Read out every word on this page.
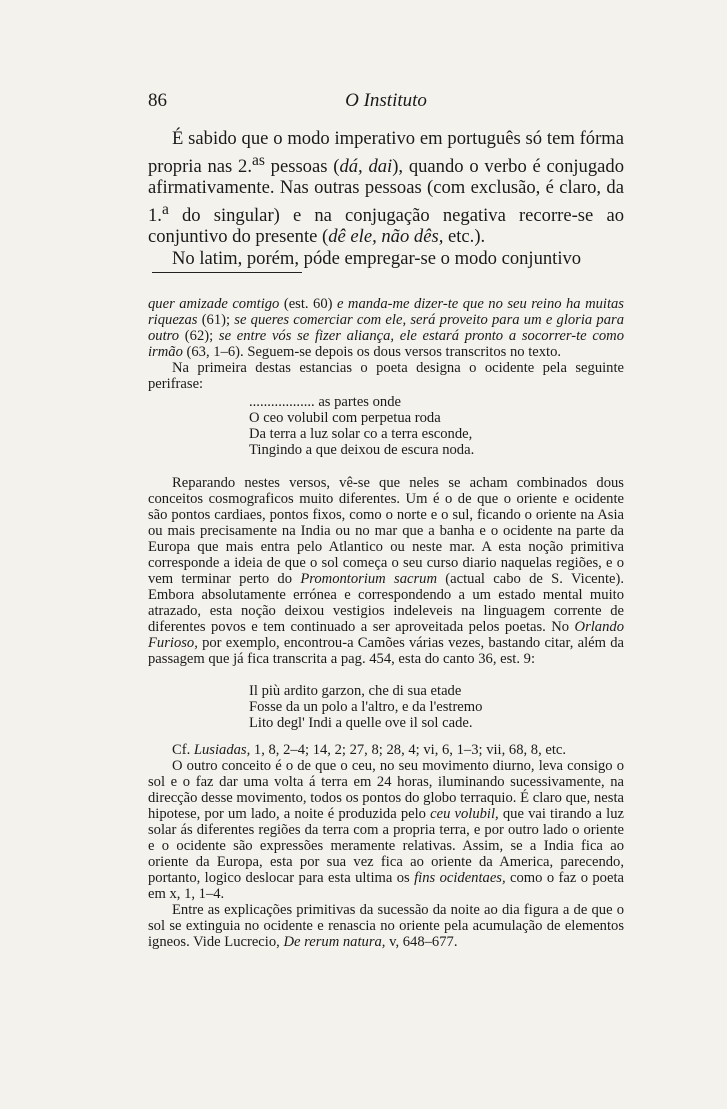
86	O Instituto

É sabido que o modo imperativo em portuguê​s só tem fórma propria nas 2.$^{as}$ pessoas (dá, dai), quando o verbo é conjugado afirmativamente. Nas outras pessoas (com exclusão, é claro, da 1.$^a$ do singular) e na conjugação negativa recorre-se ao conjuntivo do presente (dê ele, não dês, etc.).

No latim, porém, póde empregar-se o modo conjuntivo

quer amizade comtigo (est. 60) e manda-me dizer-te que no seu reino ha muitas riquezas (61); se queres comerciar com ele, será proveito para um e gloria para outro (62); se entre vós se fizer aliança, ele estará pronto a socorrer-te como irmão (63, 1–6). Seguem-se depois os dous versos transcritos no texto.

Na primeira destas estancias o poeta designa o ocidente pela seguinte perifrase:

.................. as partes onde
O ceo volubil com perpetua roda
Da terra a luz solar co a terra esconde,
Tingindo a que deixou de escura noda.

Reparando nestes versos, vê-se que neles se acham combinados dous conceitos cosmograficos muito diferentes. Um é o de que o oriente e ocidente são pontos cardiaes, pontos fixos, como o norte e o sul, ficando o oriente na Asia ou mais precisamente na India ou no mar que a banha e o ocidente na parte da Europa que mais entra pelo Atlantico ou neste mar. A esta noção primitiva corresponde a ideia de que o sol começa o seu curso diario naquelas regiões, e o vem terminar perto do Promontorium sacrum (actual cabo de S. Vicente). Embora absolutamente errónea e correspondendo a um estado mental muito atrazado, esta noção deixou vestigios indeleveis na linguagem corrente de diferentes povos e tem continuado a ser aproveitada pelos poetas. No Orlando Furioso, por exemplo, encontrou-a Camões várias vezes, bastando citar, além da passagem que já fica transcrita a pag. 454, esta do canto 36, est. 9:

Il più ardito garzon, che di sua etade
Fosse da un polo a l'altro, e da l'estremo
Lito degl' Indi a quelle ove il sol cade.

Cf. Lusiadas, 1, 8, 2–4; 14, 2; 27, 8; 28, 4; vi, 6, 1–3; vii, 68, 8, etc.

O outro conceito é o de que o ceu, no seu movimento diurno, leva consigo o sol e o faz dar uma volta á terra em 24 horas, iluminando sucessivamente, na direcção desse movimento, todos os pontos do globo terraquio. É claro que, nesta hipotese, por um lado, a noite é produzida pelo ceu volubil, que vai tirando a luz solar ás diferentes regiões da terra com a propria terra, e por outro lado o oriente e o ocidente são expressões meramente relativas. Assim, se a India fica ao oriente da Europa, esta por sua vez fica ao oriente da America, parecendo, portanto, logico deslocar para esta ultima os fins ocidentaes, como o faz o poeta em x, 1, 1–4.

Entre as explicações primitivas da sucessão da noite ao dia figura a de que o sol se extinguia no ocidente e renascia no oriente pela acumulação de elementos igneos. Vide Lucrecio, De rerum natura, v, 648–677.
